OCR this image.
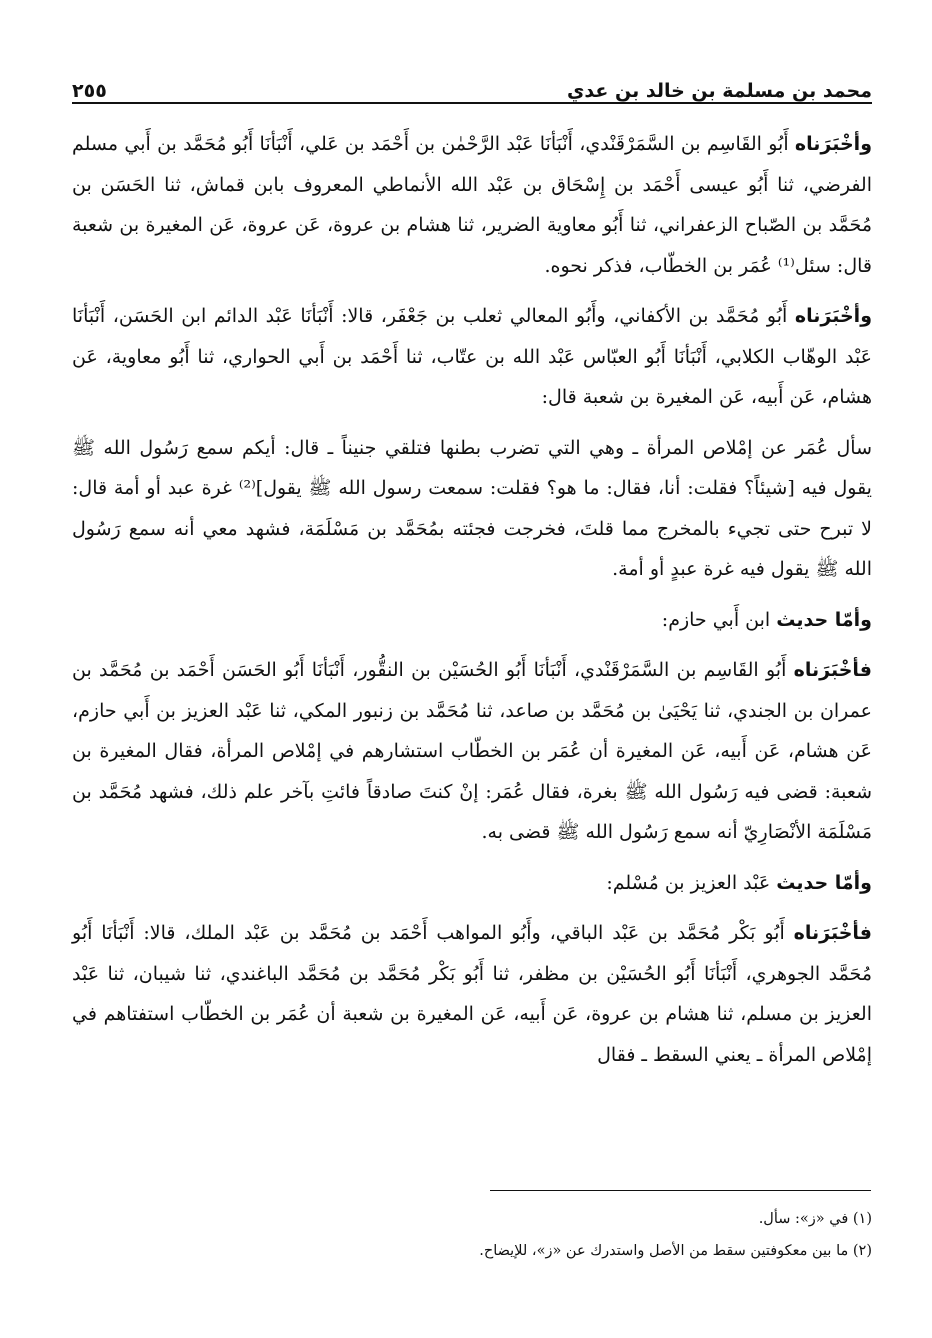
محمد بن مسلمة بن خالد بن عدي
٢٥٥

وأخْبَرَناه أَبُو القَاسِم بن السَّمَرْقَنْدي، أَنْبَأنَا عَبْد الرَّحْمٰن بن أَحْمَد بن عَلي، أَنْبَأنَا أَبُو مُحَمَّد بن أَبي مسلم الفرضي، ثنا أَبُو عيسى أَحْمَد بن إِسْحَاق بن عَبْد الله الأنماطي المعروف بابن قماش، ثنا الحَسَن بن مُحَمَّد بن الصّباح الزعفراني، ثنا أَبُو معاوية الضرير، ثنا هشام بن عروة، عَن عروة، عَن المغيرة بن شعبة قال: سئل⁽¹⁾ عُمَر بن الخطّاب، فذكر نحوه.

وأخْبَرَناه أَبُو مُحَمَّد بن الأكفاني، وأَبُو المعالي ثعلب بن جَعْفَر، قالا: أَنْبَأنَا عَبْد الدائم ابن الحَسَن، أَنْبَأنَا عَبْد الوهّاب الكلابي، أَنْبَأنَا أَبُو العبّاس عَبْد الله بن عتّاب، ثنا أَحْمَد بن أَبي الحواري، ثنا أَبُو معاوية، عَن هشام، عَن أَبيه، عَن المغيرة بن شعبة قال:

سأل عُمَر عن إمْلاص المرأة ـ وهي التي تضرب بطنها فتلقي جنيناً ـ قال: أيكم سمع رَسُول الله ﷺ يقول فيه [شيئاً؟ فقلت: أنا، فقال: ما هو؟ فقلت: سمعت رسول الله ﷺ يقول]⁽²⁾ غرة عبد أو أمة قال: لا تبرح حتى تجيء بالمخرج مما قلتَ، فخرجت فجئته بمُحَمَّد بن مَسْلَمَة، فشهد معي أنه سمع رَسُول الله ﷺ يقول فيه غرة عبدٍ أو أمة.

وأمّا حديث ابن أَبي حازم:

فأخْبَرَناه أَبُو القَاسِم بن السَّمَرْقَنْدي، أَنْبَأنَا أَبُو الحُسَيْن بن النقُّور، أَنْبَأنَا أَبُو الحَسَن أَحْمَد بن مُحَمَّد بن عمران بن الجندي، ثنا يَحْيَىٰ بن مُحَمَّد بن صاعد، ثنا مُحَمَّد بن زنبور المكي، ثنا عَبْد العزيز بن أَبي حازم، عَن هشام، عَن أَبيه، عَن المغيرة أن عُمَر بن الخطّاب استشارهم في إمْلاص المرأة، فقال المغيرة بن شعبة: قضى فيه رَسُول الله ﷺ بغرة، فقال عُمَر: إنْ كنتَ صادقاً فائتِ بآخر علم ذلك، فشهد مُحَمَّد بن مَسْلَمَة الأنْصَارِيّ أنه سمع رَسُول الله ﷺ قضى به.

وأمّا حديث عَبْد العزيز بن مُسْلم:

فأخْبَرَناه أَبُو بَكْر مُحَمَّد بن عَبْد الباقي، وأَبُو المواهب أَحْمَد بن مُحَمَّد بن عَبْد الملك، قالا: أَنْبَأنَا أَبُو مُحَمَّد الجوهري، أَنْبَأنَا أَبُو الحُسَيْن بن مظفر، ثنا أَبُو بَكْر مُحَمَّد بن مُحَمَّد الباغندي، ثنا شيبان، ثنا عَبْد العزيز بن مسلم، ثنا هشام بن عروة، عَن أَبيه، عَن المغيرة بن شعبة أن عُمَر بن الخطّاب استفتاهم في إمْلاص المرأة ـ يعني السقط ـ فقال

(١) في «ز»: سأل.

(٢) ما بين معكوفتين سقط من الأصل واستدرك عن «ز»، للإيضاح.
